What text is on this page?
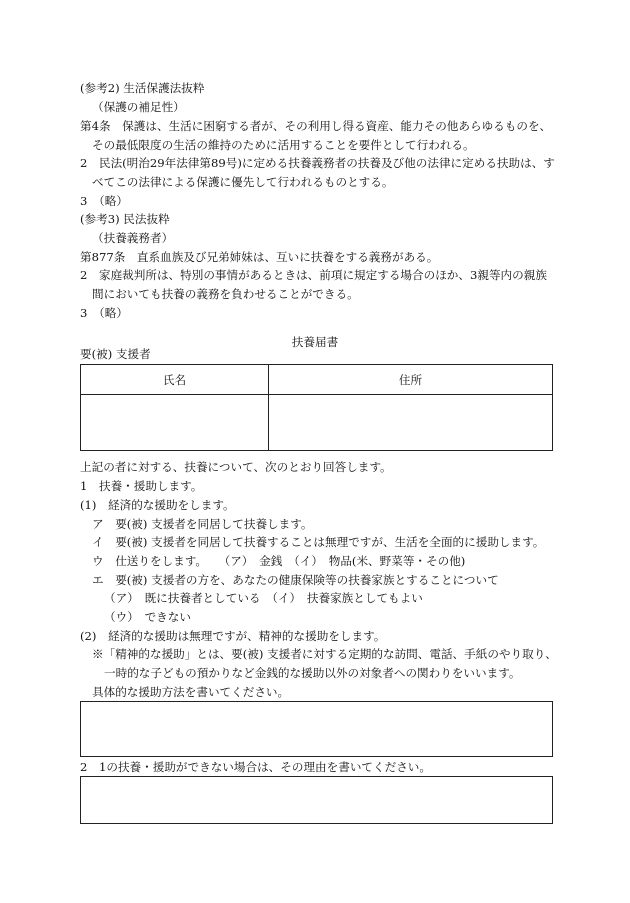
(参考2) 生活保護法抜粋
（保護の補足性）
第4条　保護は、生活に困窮する者が、その利用し得る資産、能力その他あらゆるものを、
その最低限度の生活の維持のために活用することを要件として行われる。
2　民法(明治29年法律第89号)に定める扶養義務者の扶養及び他の法律に定める扶助は、す
べてこの法律による保護に優先して行われるものとする。
3　（略）
(参考3) 民法抜粋
（扶養義務者）
第877条　直系血族及び兄弟姉妹は、互いに扶養をする義務がある。
2　家庭裁判所は、特別の事情があるときは、前項に規定する場合のほか、3親等内の親族
間においても扶養の義務を負わせることができる。
3　（略）
扶養届書
要(被) 支援者
氏名	住所

上記の者に対する、扶養について、次のとおり回答します。
1　扶養・援助します。
(1)　経済的な援助をします。
ア　要(被) 支援者を同居して扶養します。
イ　要(被) 支援者を同居して扶養することは無理ですが、生活を全面的に援助します。
ウ　仕送りをします。　　（ア）　金銭　（イ）　物品(米、野菜等・その他)
エ　要(被) 支援者の方を、あなたの健康保険等の扶養家族とすることについて
（ア）　既に扶養者としている　（イ）　扶養家族としてもよい
（ウ）　できない
(2)　経済的な援助は無理ですが、精神的な援助をします。
※「精神的な援助」とは、要(被) 支援者に対する定期的な訪問、電話、手紙のやり取り、
一時的な子どもの預かりなど金銭的な援助以外の対象者への関わりをいいます。
具体的な援助方法を書いてください。
2　1の扶養・援助ができない場合は、その理由を書いてください。
